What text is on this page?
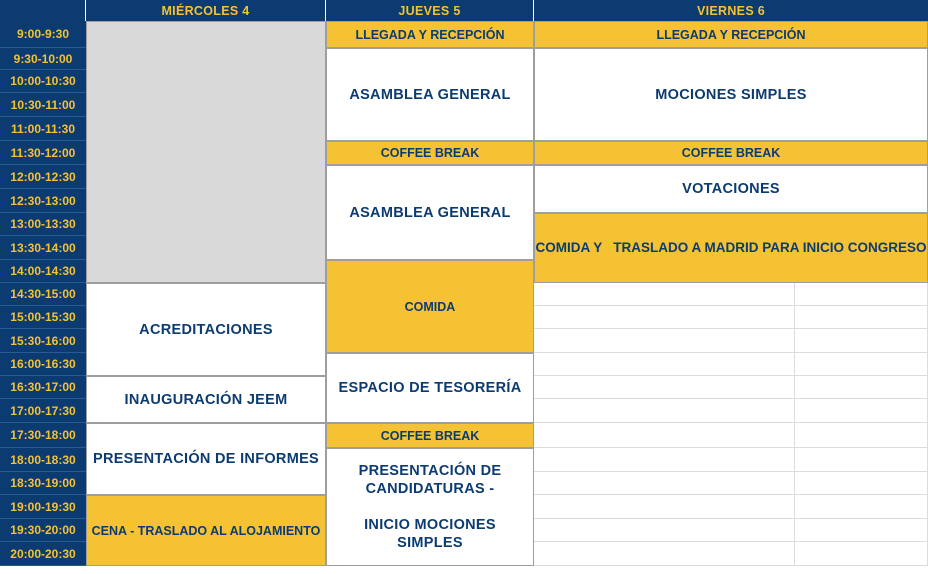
MIÉRCOLES 4	JUEVES 5	VIERNES 6
9:00-9:30
9:30-10:00
10:00-10:30
10:30-11:00
11:00-11:30
11:30-12:00
12:00-12:30
12:30-13:00
13:00-13:30
13:30-14:00
14:00-14:30
14:30-15:00
15:00-15:30
15:30-16:00
16:00-16:30
16:30-17:00
17:00-17:30
17:30-18:00
18:00-18:30
18:30-19:00
19:00-19:30
19:30-20:00
20:00-20:30
ACREDITACIONES
INAUGURACIÓN JEEM
PRESENTACIÓN DE INFORMES
CENA - TRASLADO AL ALOJAMIENTO
LLEGADA Y RECEPCIÓN
ASAMBLEA GENERAL
COFFEE BREAK
ASAMBLEA GENERAL
COMIDA
ESPACIO DE TESORERÍA
COFFEE BREAK
PRESENTACIÓN DE
CANDIDATURAS -
INICIO MOCIONES SIMPLES
LLEGADA Y RECEPCIÓN
MOCIONES SIMPLES
COFFEE BREAK
VOTACIONES
COMIDA Y   TRASLADO A MADRID PARA INICIO CONGRESO
